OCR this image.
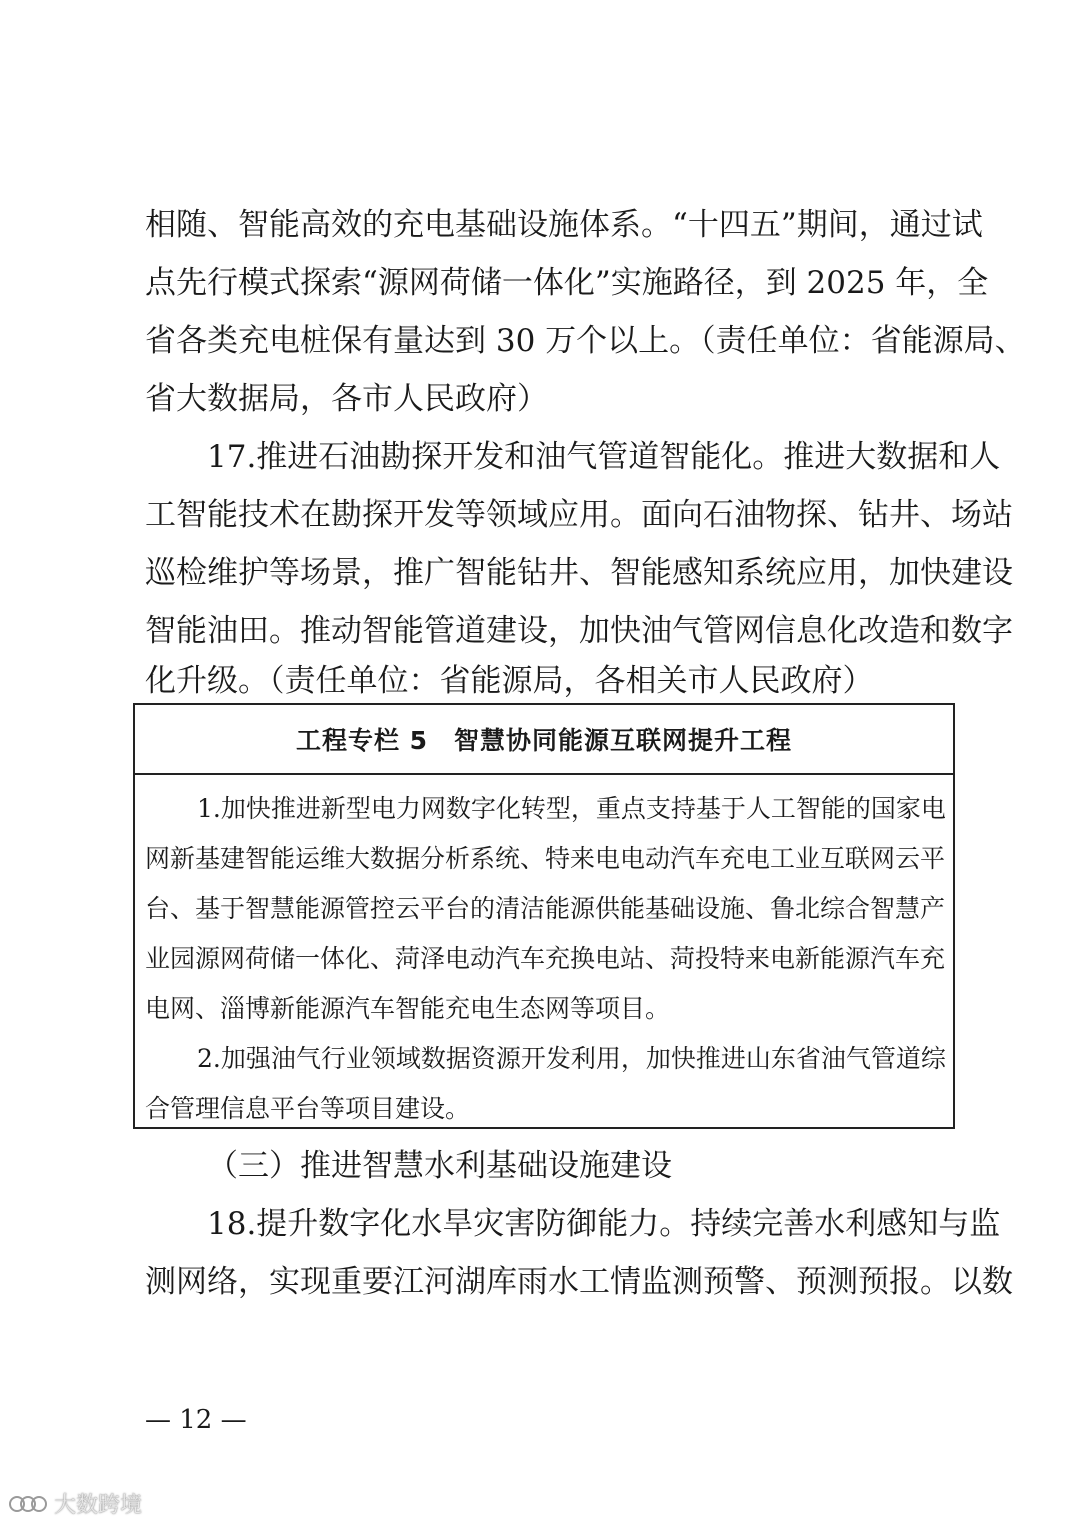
相随、智能高效的充电基础设施体系。“十四五”期间，通过试
点先行模式探索“源网荷储一体化”实施路径，到 2025 年，全
省各类充电桩保有量达到 30 万个以上。（责任单位：省能源局、
省大数据局，各市人民政府）
17.推进石油勘探开发和油气管道智能化。推进大数据和人
工智能技术在勘探开发等领域应用。面向石油物探、钻井、场站
巡检维护等场景，推广智能钻井、智能感知系统应用，加快建设
智能油田。推动智能管道建设，加快油气管网信息化改造和数字
化升级。（责任单位：省能源局，各相关市人民政府）
工程专栏 5　智慧协同能源互联网提升工程
1.加快推进新型电力网数字化转型，重点支持基于人工智能的国家电
网新基建智能运维大数据分析系统、特来电电动汽车充电工业互联网云平
台、基于智慧能源管控云平台的清洁能源供能基础设施、鲁北综合智慧产
业园源网荷储一体化、菏泽电动汽车充换电站、菏投特来电新能源汽车充
电网、淄博新能源汽车智能充电生态网等项目。
2.加强油气行业领域数据资源开发利用，加快推进山东省油气管道综
合管理信息平台等项目建设。
（三）推进智慧水利基础设施建设
18.提升数字化水旱灾害防御能力。持续完善水利感知与监
测网络，实现重要江河湖库雨水工情监测预警、预测预报。以数
— 12 —
大数跨境
